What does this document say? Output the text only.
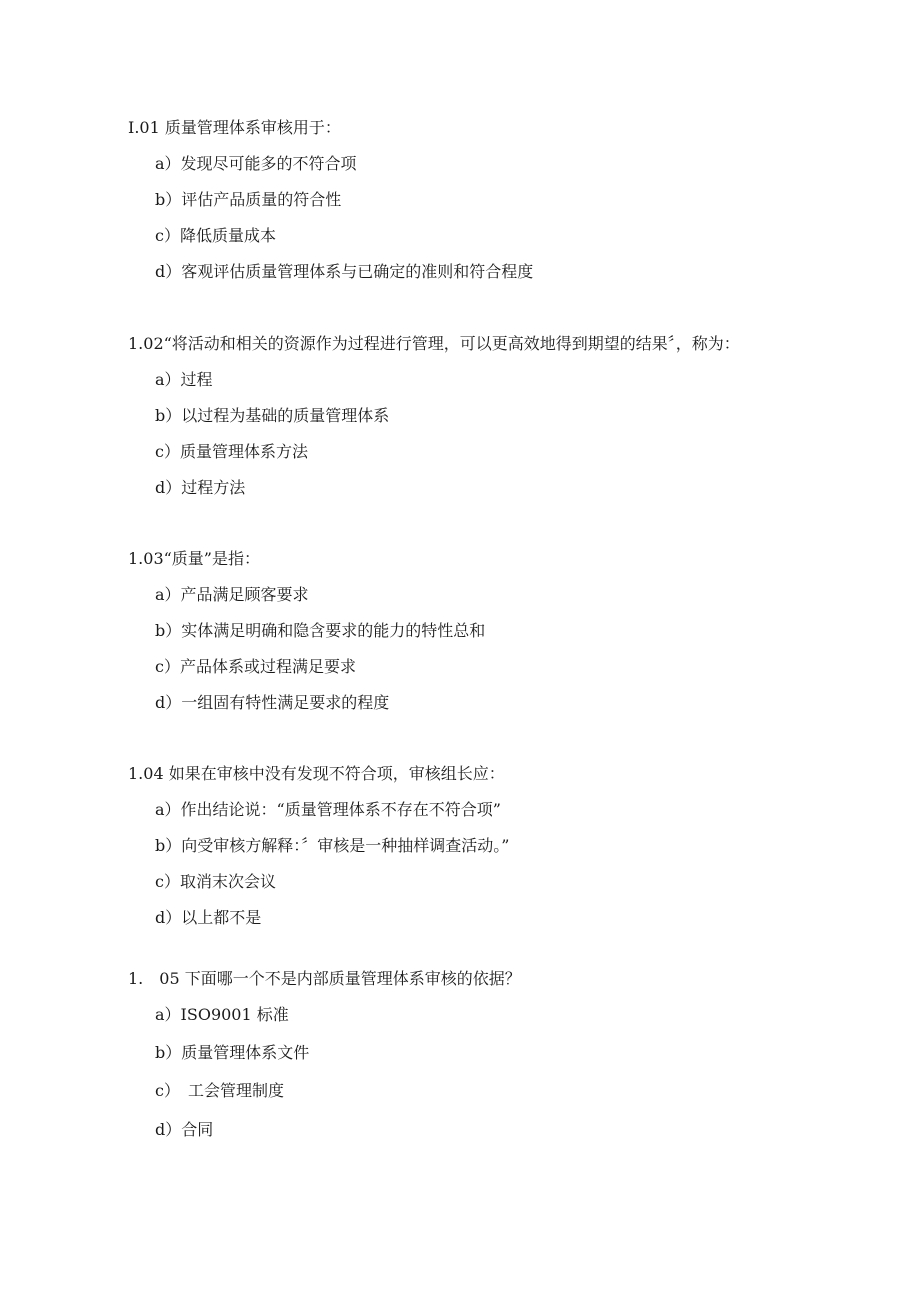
I.01 质量管理体系审核用于：
a）发现尽可能多的不符合项
b）评估产品质量的符合性
c）降低质量成本
d）客观评估质量管理体系与已确定的准则和符合程度
1.02“将活动和相关的资源作为过程进行管理，可以更高效地得到期望的结果〞，称为：
a）过程
b）以过程为基础的质量管理体系
c）质量管理体系方法
d）过程方法
1.03“质量”是指：
a）产品满足顾客要求
b）实体满足明确和隐含要求的能力的特性总和
c）产品体系或过程满足要求
d）一组固有特性满足要求的程度
1.04 如果在审核中没有发现不符合项，审核组长应：
a）作出结论说：“质量管理体系不存在不符合项”
b）向受审核方解释：〞审核是一种抽样调查活动。”
c）取消末次会议
d）以上都不是
1.　05 下面哪一个不是内部质量管理体系审核的依据？
a）ISO9001 标准
b）质量管理体系文件
c）　工会管理制度
d）合同
